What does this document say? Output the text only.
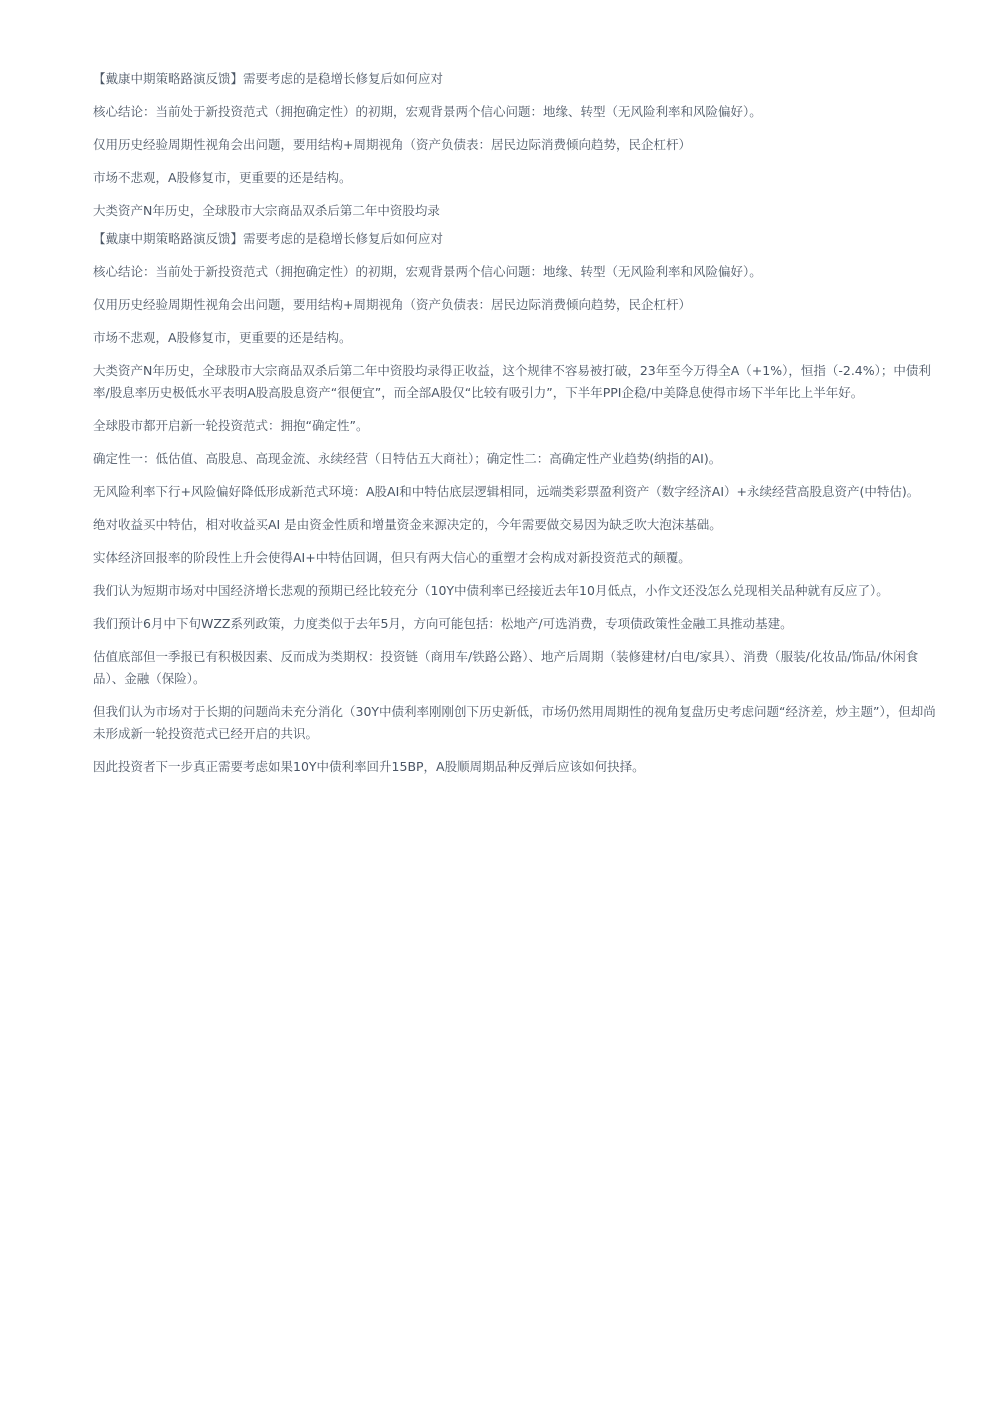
【戴康中期策略路演反馈】需要考虑的是稳增长修复后如何应对

核心结论：当前处于新投资范式（拥抱确定性）的初期，宏观背景两个信心问题：地缘、转型（无风险利率和风险偏好）。

仅用历史经验周期性视角会出问题，要用结构+周期视角（资产负债表：居民边际消费倾向趋势，民企杠杆）

市场不悲观，A股修复市，更重要的还是结构。

大类资产N年历史，全球股市大宗商品双杀后第二年中资股均录

【戴康中期策略路演反馈】需要考虑的是稳增长修复后如何应对

核心结论：当前处于新投资范式（拥抱确定性）的初期，宏观背景两个信心问题：地缘、转型（无风险利率和风险偏好）。

仅用历史经验周期性视角会出问题，要用结构+周期视角（资产负债表：居民边际消费倾向趋势，民企杠杆）

市场不悲观，A股修复市，更重要的还是结构。

大类资产N年历史，全球股市大宗商品双杀后第二年中资股均录得正收益，这个规律不容易被打破，23年至今万得全A（+1%），恒指（-2.4%）；中债利率/股息率历史极低水平表明A股高股息资产“很便宜”，而全部A股仅“比较有吸引力”，下半年PPI企稳/中美降息使得市场下半年比上半年好。

全球股市都开启新一轮投资范式：拥抱“确定性”。

确定性一：低估值、高股息、高现金流、永续经营（日特估五大商社）；确定性二：高确定性产业趋势(纳指的AI)。

无风险利率下行+风险偏好降低形成新范式环境：A股AI和中特估底层逻辑相同，远端类彩票盈利资产（数字经济AI）+永续经营高股息资产(中特估)。

绝对收益买中特估，相对收益买AI 是由资金性质和增量资金来源决定的，今年需要做交易因为缺乏吹大泡沫基础。

实体经济回报率的阶段性上升会使得AI+中特估回调，但只有两大信心的重塑才会构成对新投资范式的颠覆。

我们认为短期市场对中国经济增长悲观的预期已经比较充分（10Y中债利率已经接近去年10月低点，小作文还没怎么兑现相关品种就有反应了）。

我们预计6月中下旬WZZ系列政策，力度类似于去年5月，方向可能包括：松地产/可选消费，专项债政策性金融工具推动基建。

估值底部但一季报已有积极因素、反而成为类期权：投资链（商用车/铁路公路）、地产后周期（装修建材/白电/家具）、消费（服装/化妆品/饰品/休闲食品）、金融（保险）。

但我们认为市场对于长期的问题尚未充分消化（30Y中债利率刚刚创下历史新低，市场仍然用周期性的视角复盘历史考虑问题“经济差，炒主题”），但却尚未形成新一轮投资范式已经开启的共识。

因此投资者下一步真正需要考虑如果10Y中债利率回升15BP，A股顺周期品种反弹后应该如何抉择。
